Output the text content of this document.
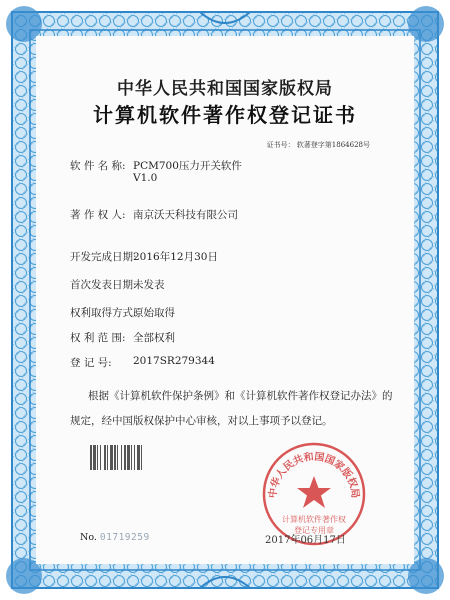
中华人民共和国国家版权局
计算机软件著作权登记证书
证书号： 软著登字第1864628号
软 件 名 称: PCM700压力开关软件
V1.0
著 作 权 人: 南京沃天科技有限公司
开发完成日期:
2016年12月30日
首次发表日期:
未发表
权利取得方式:
原始取得
权 利 范 围: 全部权利
登 记 号: 2017SR279344
根据《计算机软件保护条例》和《计算机软件著作权登记办法》的
规定，经中国版权保护中心审核，对以上事项予以登记。
中华人民共和国国家版权局
计算机软件著作权
登记专用章
No. 01719259	2017年06月17日
